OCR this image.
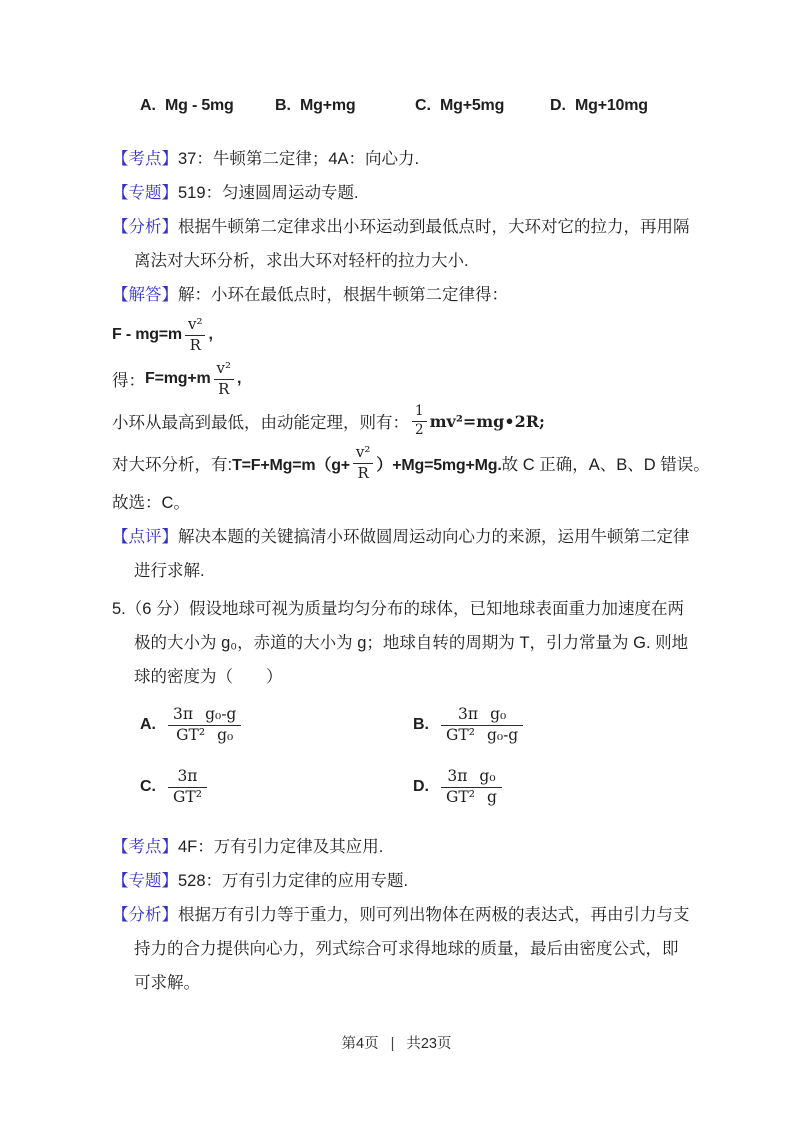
A. Mg - 5mg	B. Mg+mg	C. Mg+5mg	D. Mg+10mg

【考点】37：牛顿第二定律；4A：向心力.

【专题】519：匀速圆周运动专题.

【分析】根据牛顿第二定律求出小环运动到最低点时，大环对它的拉力，再用隔离法对大环分析，求出大环对轻杆的拉力大小.

【解答】解：小环在最低点时，根据牛顿第二定律得：

$F - mg=m \frac{\text{v²}}{R}$ ,
得： $F=mg+m \frac{\text{v²}}{R}$ ,
小环从最高到最低，由动能定理，则有： $\frac{1}{2}$ mv²=mg•2R;
对大环分析，有: $T=F+Mg=m(g+ \frac{\text{v²}}{R} )+Mg=5mg+Mg$. 故 C 正确，A、B、D 错误。

故选：C。

【点评】解决本题的关键搞清小环做圆周运动向心力的来源，运用牛顿第二定律进行求解.

5.（6 分）假设地球可视为质量均匀分布的球体，已知地球表面重力加速度在两极的大小为 g₀，赤道的大小为 g；地球自转的周期为 T，引力常量为 G. 则地球的密度为（　　）

A. $\frac{\text{3π g₀-g}}{\text{GT² g₀}}$	B. $\frac{\text{3π g₀}}{\text{GT² g₀-g}}$
C. $\frac{3\pi}{\text{GT²}}$	D. $\frac{\text{3π g₀}}{\text{GT² g}}$

【考点】4F：万有引力定律及其应用.

【专题】528：万有引力定律的应用专题.

【分析】根据万有引力等于重力，则可列出物体在两极的表达式，再由引力与支持力的合力提供向心力，列式综合可求得地球的质量，最后由密度公式，即可求解。

第4页 | 共23页
